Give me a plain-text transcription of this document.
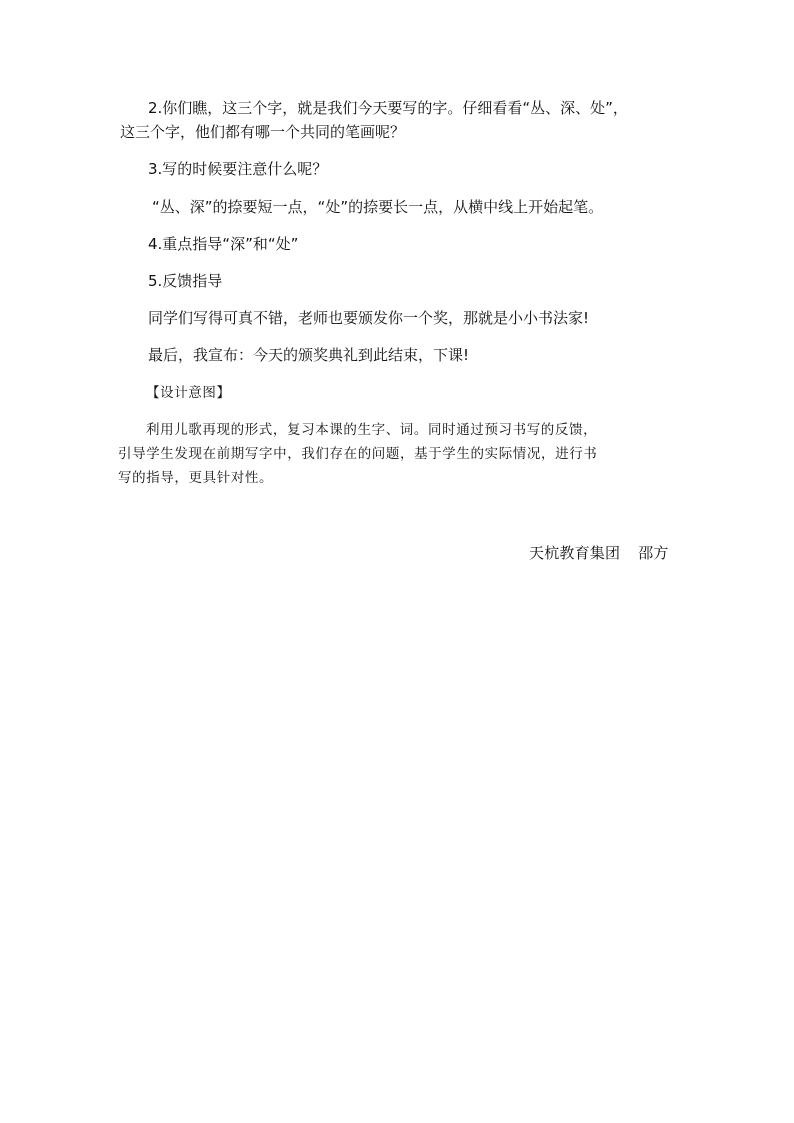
2.你们瞧，这三个字，就是我们今天要写的字。仔细看看“丛、深、处”，
这三个字，他们都有哪一个共同的笔画呢？
3.写的时候要注意什么呢？
“丛、深”的捺要短一点，“处”的捺要长一点，从横中线上开始起笔。
4.重点指导“深”和“处”
5.反馈指导
同学们写得可真不错，老师也要颁发你一个奖，那就是小小书法家!
最后，我宣布：今天的颁奖典礼到此结束，下课!
【设计意图】
利用儿歌再现的形式，复习本课的生字、词。同时通过预习书写的反馈，
引导学生发现在前期写字中，我们存在的问题，基于学生的实际情况，进行书
写的指导，更具针对性。
天杭教育集团 邵方
